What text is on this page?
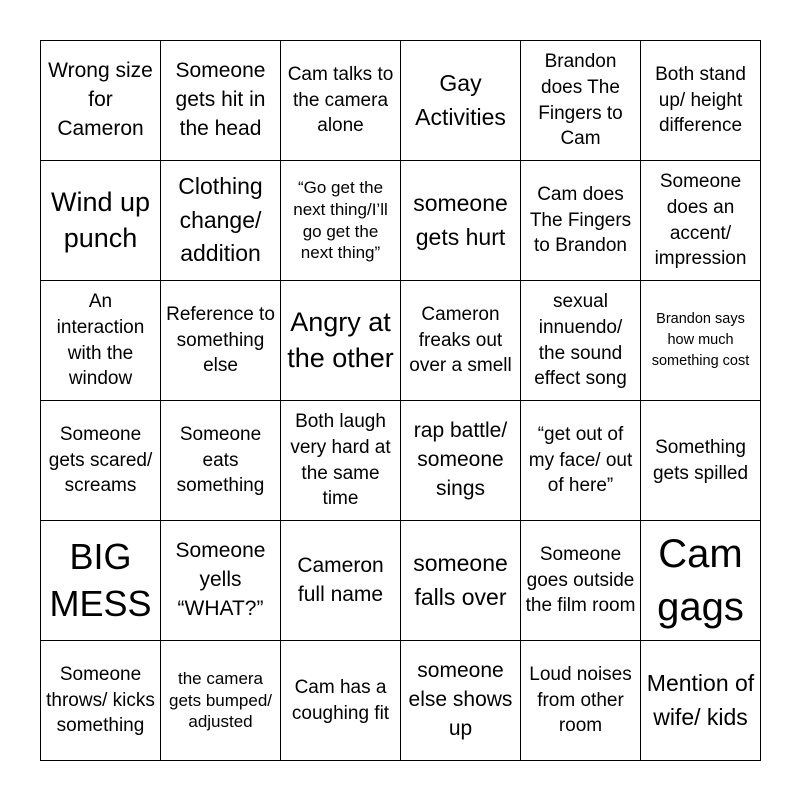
Wrong size for Cameron
Someone gets hit in the head
Cam talks to the camera alone
Gay Activities
Brandon does The Fingers to Cam
Both stand up/ height difference
Wind up punch
Clothing change/ addition
“Go get the next thing/I’ll go get the next thing”
someone gets hurt
Cam does The Fingers to Brandon
Someone does an accent/ impression
An interaction with the window
Reference to something else
Angry at the other
Cameron freaks out over a smell
sexual innuendo/ the sound effect song
Brandon says how much something cost
Someone gets scared/ screams
Someone eats something
Both laugh very hard at the same time
rap battle/ someone sings
“get out of my face/ out of here”
Something gets spilled
BIG MESS
Someone yells “WHAT?”
Cameron full name
someone falls over
Someone goes outside the film room
Cam gags
Someone throws/ kicks something
the camera gets bumped/ adjusted
Cam has a coughing fit
someone else shows up
Loud noises from other room
Mention of wife/ kids
